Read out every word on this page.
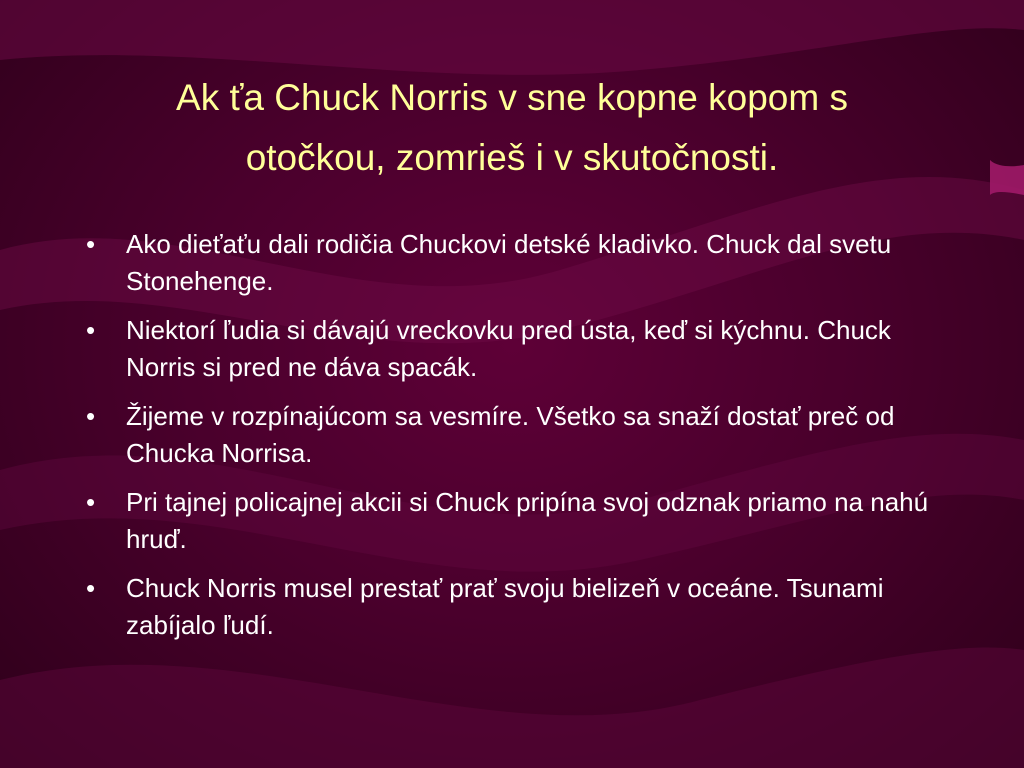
Ak ťa Chuck Norris v sne kopne kopom s
otočkou, zomrieš i v skutočnosti.
• Ako dieťaťu dali rodičia Chuckovi detské kladivko. Chuck dal svetu Stonehenge.
• Niektorí ľudia si dávajú vreckovku pred ústa, keď si kýchnu. Chuck Norris si pred ne dáva spacák.
• Žijeme v rozpínajúcom sa vesmíre. Všetko sa snaží dostať preč od Chucka Norrisa.
• Pri tajnej policajnej akcii si Chuck pripína svoj odznak priamo na nahú hruď.
• Chuck Norris musel prestať prať svoju bielizeň v oceáne. Tsunami zabíjalo ľudí.
